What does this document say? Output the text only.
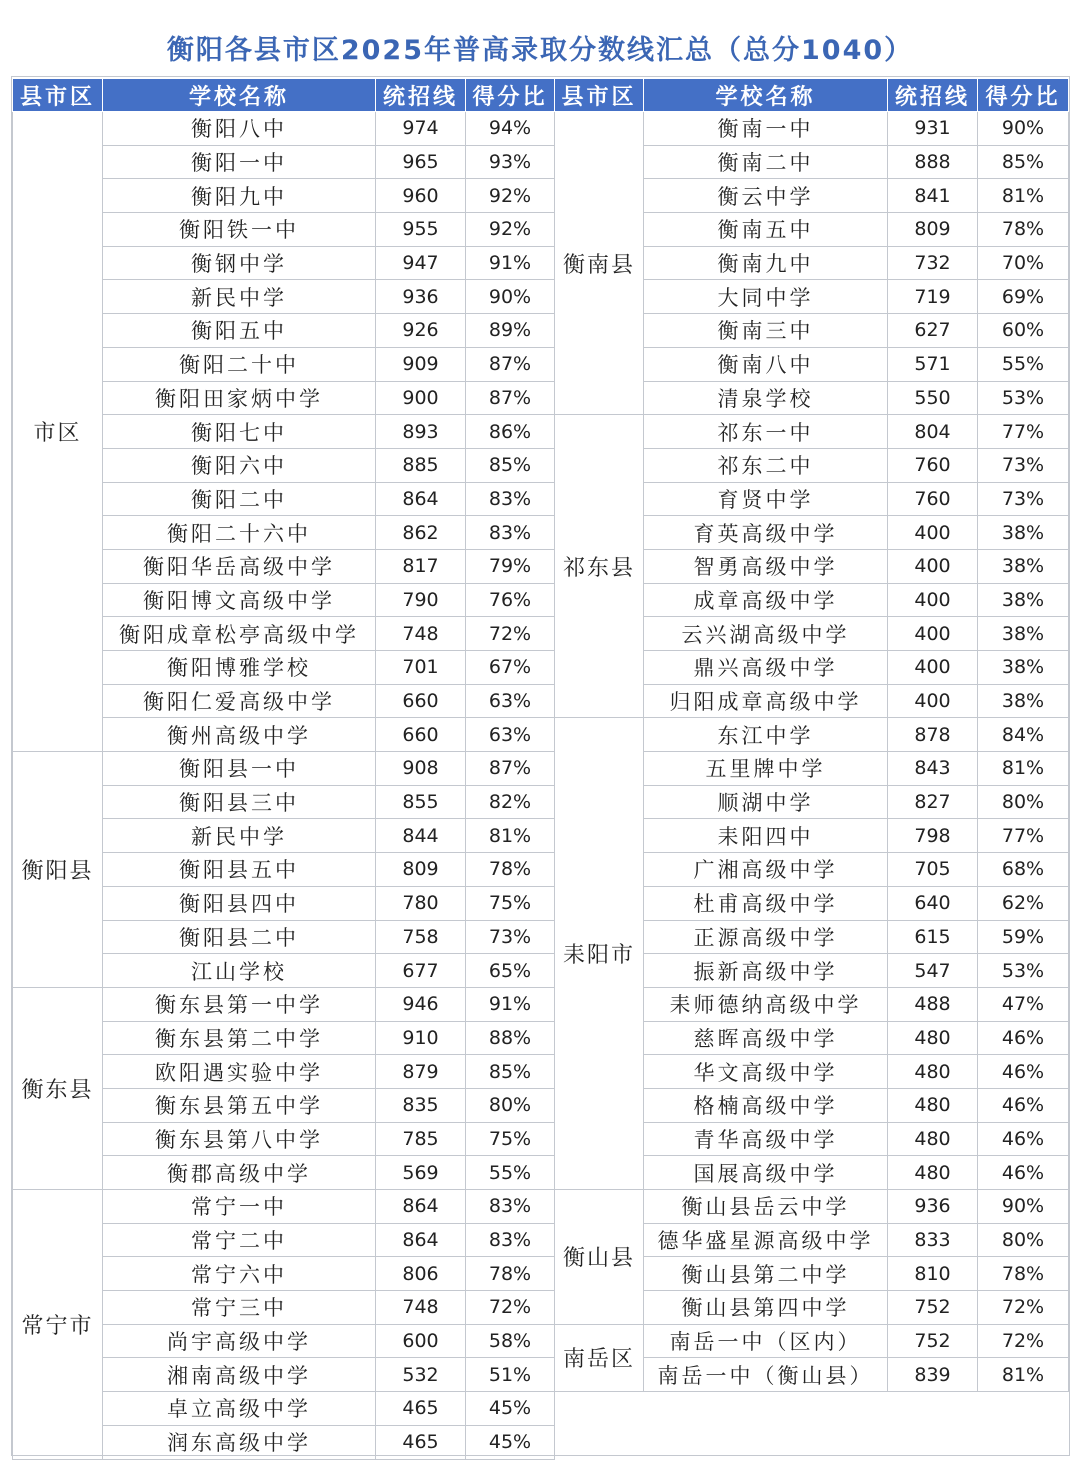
衡阳各县市区2025年普高录取分数线汇总（总分1040）
县市区	学校名称	统招线	得分比	县市区	学校名称	统招线	得分比
市区	衡阳八中	974	94%	衡南县	衡南一中	931	90%
	衡阳一中	965	93%		衡南二中	888	85%
	衡阳九中	960	92%		衡云中学	841	81%
	衡阳铁一中	955	92%		衡南五中	809	78%
	衡钢中学	947	91%		衡南九中	732	70%
	新民中学	936	90%		大同中学	719	69%
	衡阳五中	926	89%		衡南三中	627	60%
	衡阳二十中	909	87%		衡南八中	571	55%
	衡阳田家炳中学	900	87%		清泉学校	550	53%
	衡阳七中	893	86%	祁东县	祁东一中	804	77%
	衡阳六中	885	85%		祁东二中	760	73%
	衡阳二中	864	83%		育贤中学	760	73%
	衡阳二十六中	862	83%		育英高级中学	400	38%
	衡阳华岳高级中学	817	79%		智勇高级中学	400	38%
	衡阳博文高级中学	790	76%		成章高级中学	400	38%
	衡阳成章松亭高级中学	748	72%		云兴湖高级中学	400	38%
	衡阳博雅学校	701	67%		鼎兴高级中学	400	38%
	衡阳仁爱高级中学	660	63%		归阳成章高级中学	400	38%
	衡州高级中学	660	63%	耒阳市	东江中学	878	84%
衡阳县	衡阳县一中	908	87%		五里牌中学	843	81%
	衡阳县三中	855	82%		顺湖中学	827	80%
	新民中学	844	81%		耒阳四中	798	77%
	衡阳县五中	809	78%		广湘高级中学	705	68%
	衡阳县四中	780	75%		杜甫高级中学	640	62%
	衡阳县二中	758	73%		正源高级中学	615	59%
	江山学校	677	65%		振新高级中学	547	53%
衡东县	衡东县第一中学	946	91%		耒师德纳高级中学	488	47%
	衡东县第二中学	910	88%		慈晖高级中学	480	46%
	欧阳遇实验中学	879	85%		华文高级中学	480	46%
	衡东县第五中学	835	80%		格楠高级中学	480	46%
	衡东县第八中学	785	75%		青华高级中学	480	46%
	衡郡高级中学	569	55%		国展高级中学	480	46%
常宁市	常宁一中	864	83%	衡山县	衡山县岳云中学	936	90%
	常宁二中	864	83%		德华盛星源高级中学	833	80%
	常宁六中	806	78%		衡山县第二中学	810	78%
	常宁三中	748	72%		衡山县第四中学	752	72%
	尚宇高级中学	600	58%	南岳区	南岳一中（区内）	752	72%
	湘南高级中学	532	51%		南岳一中（衡山县）	839	81%
	卓立高级中学	465	45%				
	润东高级中学	465	45%				
